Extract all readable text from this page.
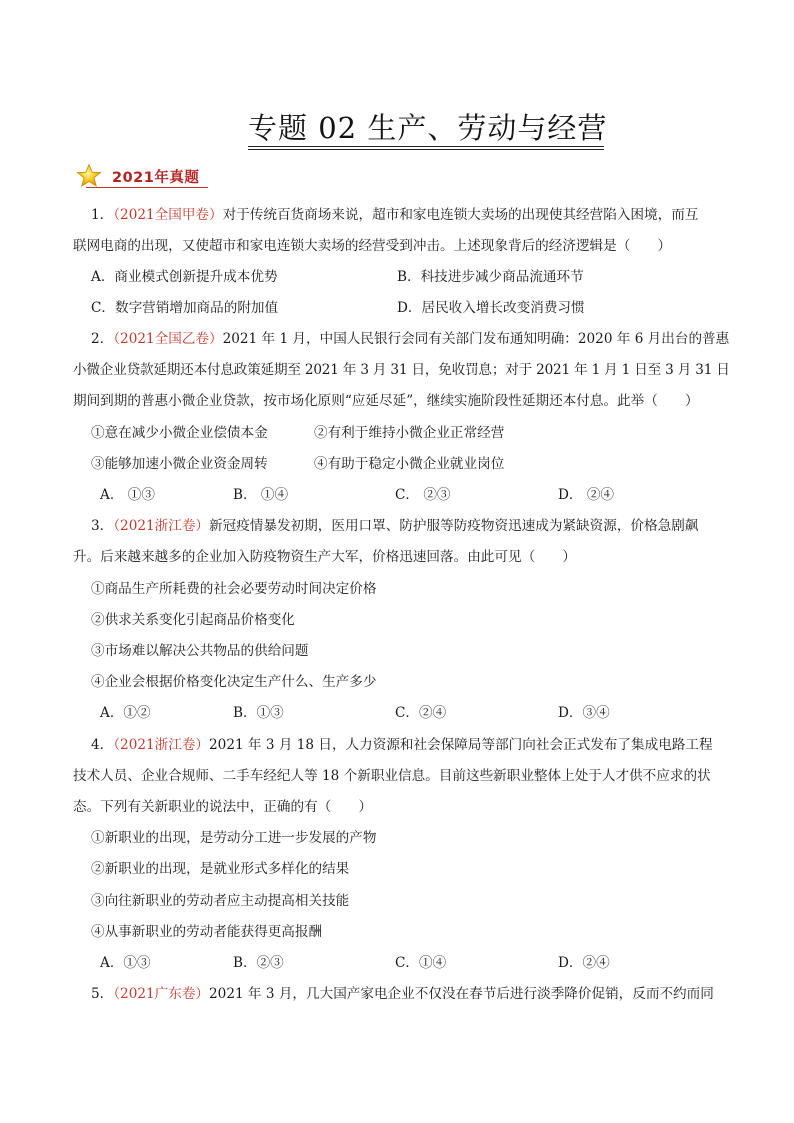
专题 02 生产、劳动与经营
2021年真题
1．（2021全国甲卷）对于传统百货商场来说，超市和家电连锁大卖场的出现使其经营陷入困境，而互
联网电商的出现，又使超市和家电连锁大卖场的经营受到冲击。上述现象背后的经济逻辑是（　　）
A．商业模式创新提升成本优势	B．科技进步减少商品流通环节
C．数字营销增加商品的附加值	D．居民收入增长改变消费习惯
2．（2021全国乙卷）2021 年 1 月，中国人民银行会同有关部门发布通知明确：2020 年 6 月出台的普惠
小微企业贷款延期还本付息政策延期至 2021 年 3 月 31 日，免收罚息；对于 2021 年 1 月 1 日至 3 月 31 日
期间到期的普惠小微企业贷款，按市场化原则“应延尽延”，继续实施阶段性延期还本付息。此举（　　）
①意在减少小微企业偿债本金	②有利于维持小微企业正常经营
③能够加速小微企业资金周转	④有助于稳定小微企业就业岗位
A． ①③	B． ①④	C． ②③	D． ②④
3．（2021浙江卷）新冠疫情暴发初期，医用口罩、防护服等防疫物资迅速成为紧缺资源，价格急剧飙
升。后来越来越多的企业加入防疫物资生产大军，价格迅速回落。由此可见（　　）
①商品生产所耗费的社会必要劳动时间决定价格
②供求关系变化引起商品价格变化
③市场难以解决公共物品的供给问题
④企业会根据价格变化决定生产什么、生产多少
A．①②	B．①③	C．②④	D．③④
4．（2021浙江卷）2021 年 3 月 18 日，人力资源和社会保障局等部门向社会正式发布了集成电路工程
技术人员、企业合规师、二手车经纪人等 18 个新职业信息。目前这些新职业整体上处于人才供不应求的状
态。下列有关新职业的说法中，正确的有（　　）
①新职业的出现，是劳动分工进一步发展的产物
②新职业的出现，是就业形式多样化的结果
③向往新职业的劳动者应主动提高相关技能
④从事新职业的劳动者能获得更高报酬
A．①③	B．②③	C．①④	D．②④
5．（2021广东卷）2021 年 3 月，几大国产家电企业不仅没在春节后进行淡季降价促销，反而不约而同
